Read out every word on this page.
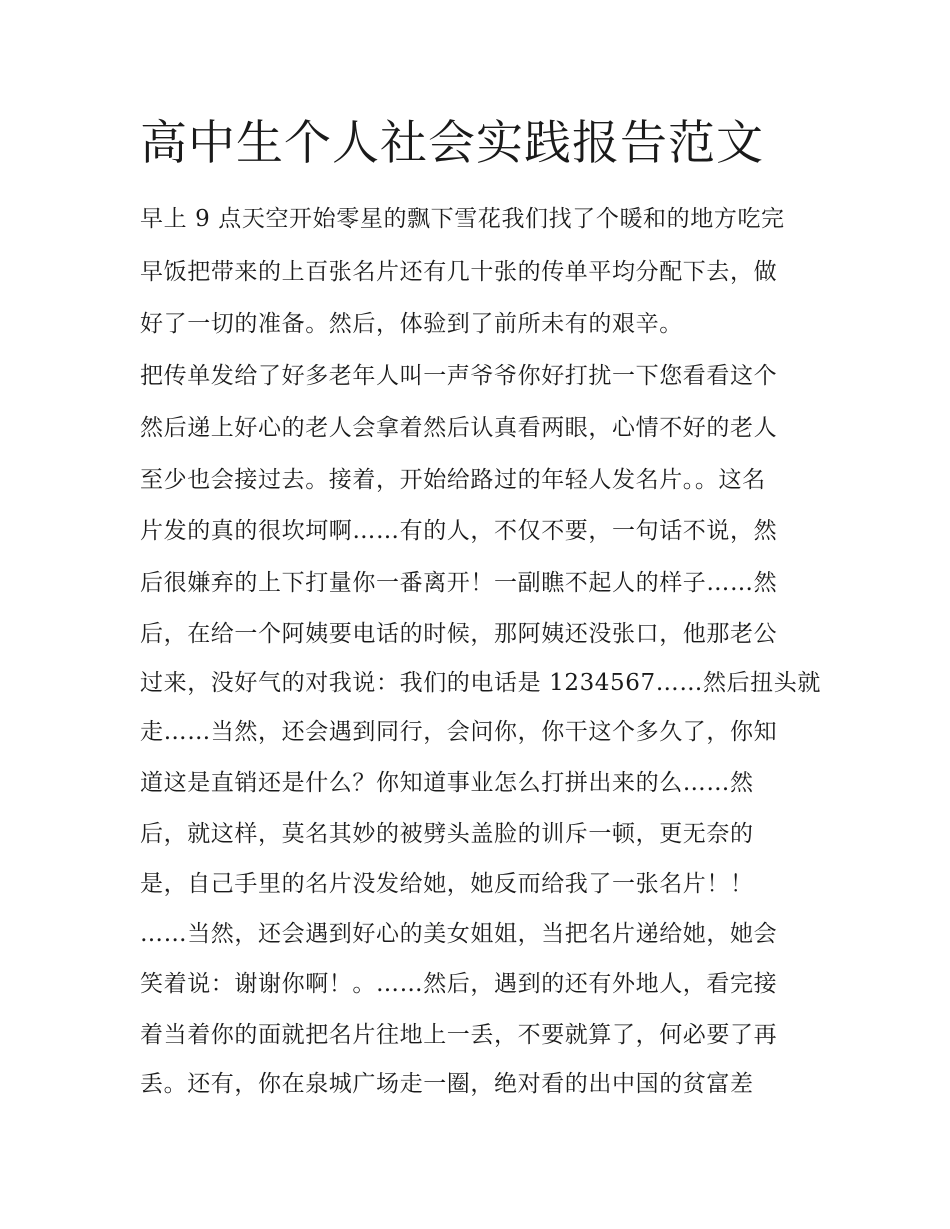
高中生个人社会实践报告范文

早上 9 点天空开始零星的飘下雪花我们找了个暖和的地方吃完

早饭把带来的上百张名片还有几十张的传单平均分配下去，做

好了一切的准备。然后，体验到了前所未有的艰辛。

把传单发给了好多老年人叫一声爷爷你好打扰一下您看看这个

然后递上好心的老人会拿着然后认真看两眼，心情不好的老人

至少也会接过去。接着，开始给路过的年轻人发名片。。这名

片发的真的很坎坷啊……有的人，不仅不要，一句话不说，然

后很嫌弃的上下打量你一番离开！一副瞧不起人的样子……然

后，在给一个阿姨要电话的时候，那阿姨还没张口，他那老公

过来，没好气的对我说：我们的电话是 1234567……然后扭头就

走……当然，还会遇到同行，会问你，你干这个多久了，你知

道这是直销还是什么？你知道事业怎么打拼出来的么……然

后，就这样，莫名其妙的被劈头盖脸的训斥一顿，更无奈的

是，自己手里的名片没发给她，她反而给我了一张名片！！

……当然，还会遇到好心的美女姐姐，当把名片递给她，她会

笑着说：谢谢你啊！。……然后，遇到的还有外地人，看完接

着当着你的面就把名片往地上一丢，不要就算了，何必要了再

丢。还有，你在泉城广场走一圈，绝对看的出中国的贫富差
